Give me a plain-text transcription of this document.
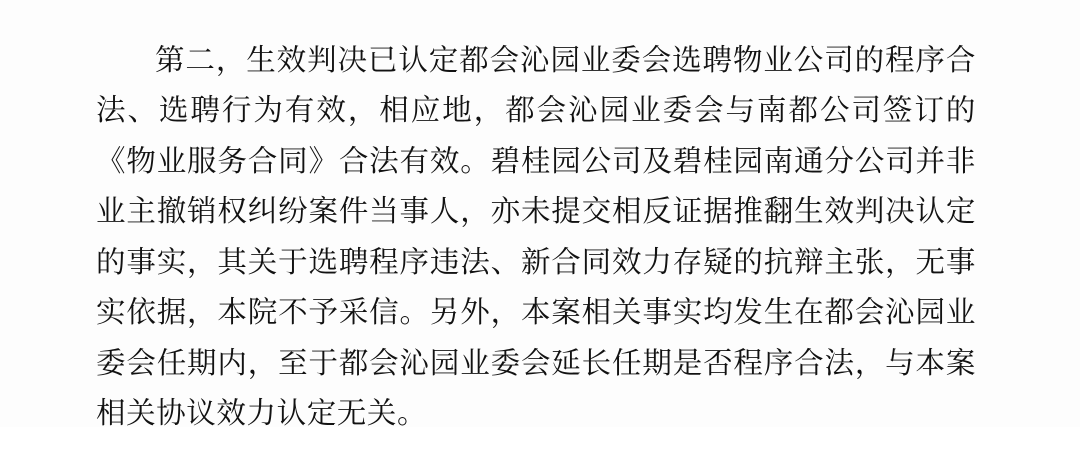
第二，生效判决已认定都会沁园业委会选聘物业公司的程序合法、选聘行为有效，相应地，都会沁园业委会与南都公司签订的《物业服务合同》合法有效。碧桂园公司及碧桂园南通分公司并非业主撤销权纠纷案件当事人，亦未提交相反证据推翻生效判决认定的事实，其关于选聘程序违法、新合同效力存疑的抗辩主张，无事实依据，本院不予采信。另外，本案相关事实均发生在都会沁园业委会任期内，至于都会沁园业委会延长任期是否程序合法，与本案相关协议效力认定无关。
